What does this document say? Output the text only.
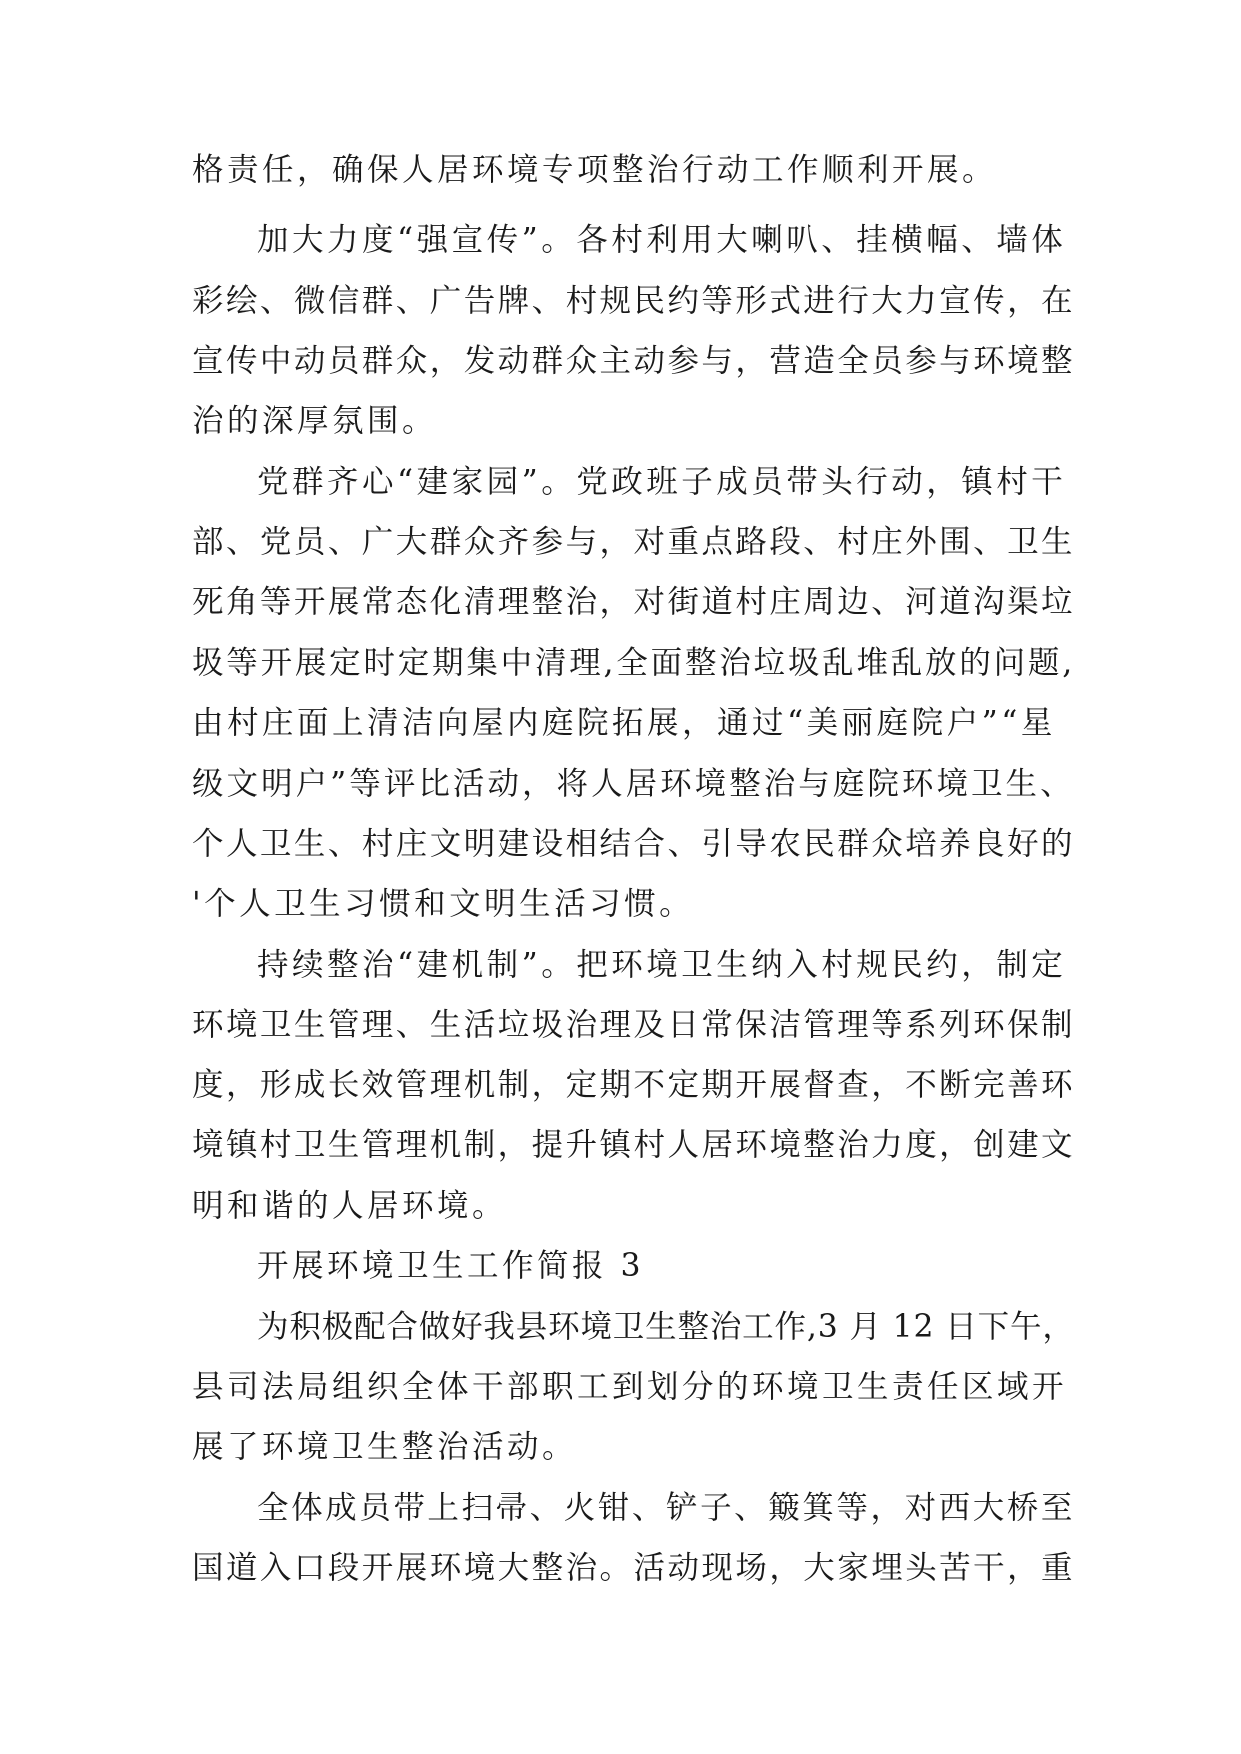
格责任，确保人居环境专项整治行动工作顺利开展。
加大力度“强宣传”。各村利用大喇叭、挂横幅、墙体
彩绘、微信群、广告牌、村规民约等形式进行大力宣传，在
宣传中动员群众，发动群众主动参与，营造全员参与环境整
治的深厚氛围。
党群齐心“建家园”。党政班子成员带头行动，镇村干
部、党员、广大群众齐参与，对重点路段、村庄外围、卫生
死角等开展常态化清理整治，对街道村庄周边、河道沟渠垃
圾等开展定时定期集中清理,全面整治垃圾乱堆乱放的问题,
由村庄面上清洁向屋内庭院拓展，通过“美丽庭院户”“星
级文明户”等评比活动，将人居环境整治与庭院环境卫生、
个人卫生、村庄文明建设相结合、引导农民群众培养良好的
'个人卫生习惯和文明生活习惯。
持续整治“建机制”。把环境卫生纳入村规民约，制定
环境卫生管理、生活垃圾治理及日常保洁管理等系列环保制
度，形成长效管理机制，定期不定期开展督查，不断完善环
境镇村卫生管理机制，提升镇村人居环境整治力度，创建文
明和谐的人居环境。
开展环境卫生工作简报 3
为积极配合做好我县环境卫生整治工作,3 月 12 日下午，
县司法局组织全体干部职工到划分的环境卫生责任区域开
展了环境卫生整治活动。
全体成员带上扫帚、火钳、铲子、簸箕等，对西大桥至
国道入口段开展环境大整治。活动现场，大家埋头苦干，重
